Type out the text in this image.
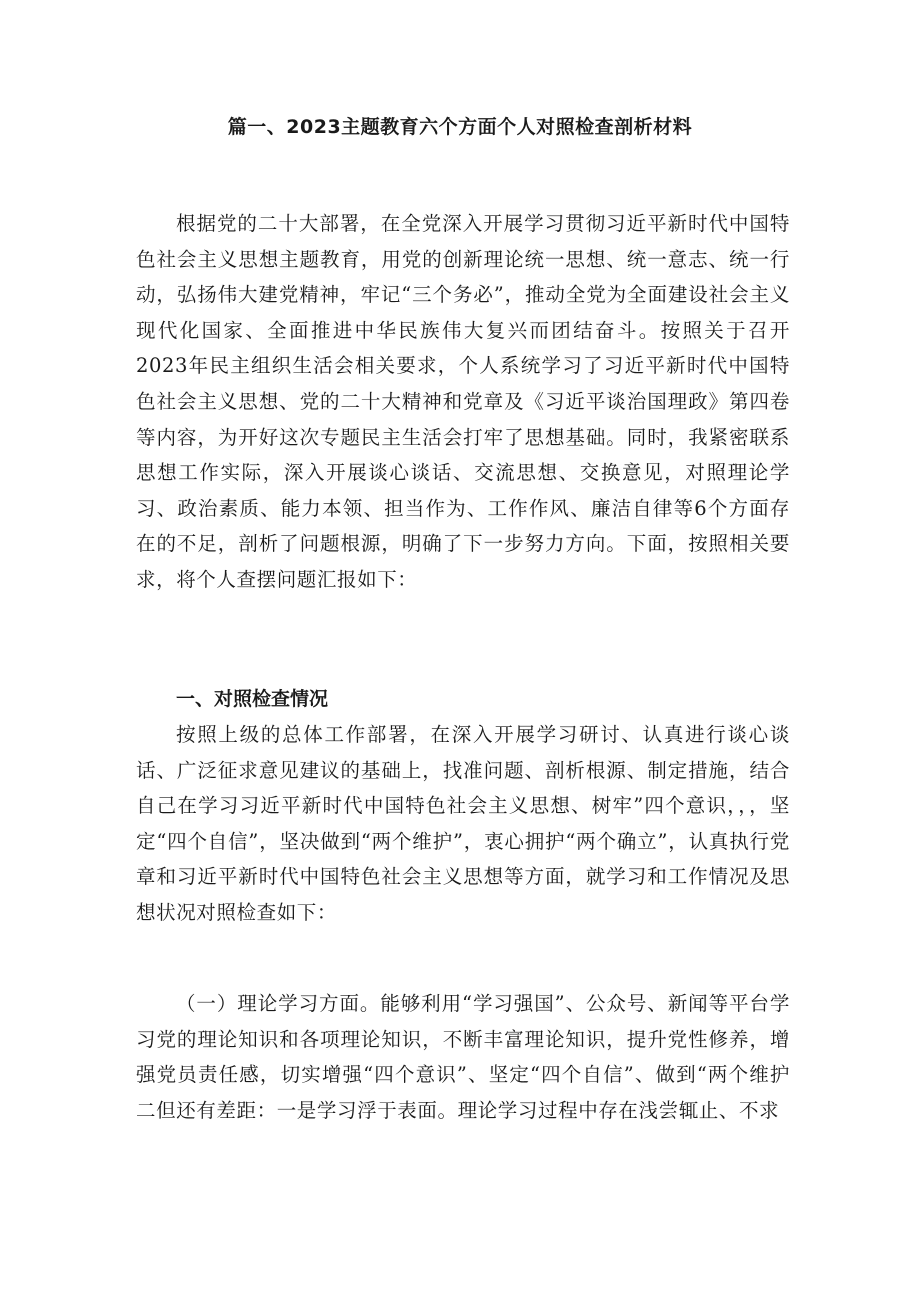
篇一、2023主题教育六个方面个人对照检查剖析材料

根据党的二十大部署，在全党深入开展学习贯彻习近平新时代中国特色社会主义思想主题教育，用党的创新理论统一思想、统一意志、统一行动，弘扬伟大建党精神，牢记“三个务必”，推动全党为全面建设社会主义现代化国家、全面推进中华民族伟大复兴而团结奋斗。按照关于召开2023年民主组织生活会相关要求，个人系统学习了习近平新时代中国特色社会主义思想、党的二十大精神和党章及《习近平谈治国理政》第四卷等内容，为开好这次专题民主生活会打牢了思想基础。同时，我紧密联系思想工作实际，深入开展谈心谈话、交流思想、交换意见，对照理论学习、政治素质、能力本领、担当作为、工作作风、廉洁自律等6个方面存在的不足，剖析了问题根源，明确了下一步努力方向。下面，按照相关要求，将个人查摆问题汇报如下：

一、对照检查情况

按照上级的总体工作部署，在深入开展学习研讨、认真进行谈心谈话、广泛征求意见建议的基础上，找准问题、剖析根源、制定措施，结合自己在学习习近平新时代中国特色社会主义思想、树牢”四个意识，，，坚定“四个自信”，坚决做到“两个维护”，衷心拥护“两个确立”，认真执行党章和习近平新时代中国特色社会主义思想等方面，就学习和工作情况及思想状况对照检查如下：

（一）理论学习方面。能够利用“学习强国”、公众号、新闻等平台学习党的理论知识和各项理论知识，不断丰富理论知识，提升党性修养，增强党员责任感，切实增强“四个意识”、坚定“四个自信”、做到“两个维护二但还有差距：一是学习浮于表面。理论学习过程中存在浅尝辄止、不求
